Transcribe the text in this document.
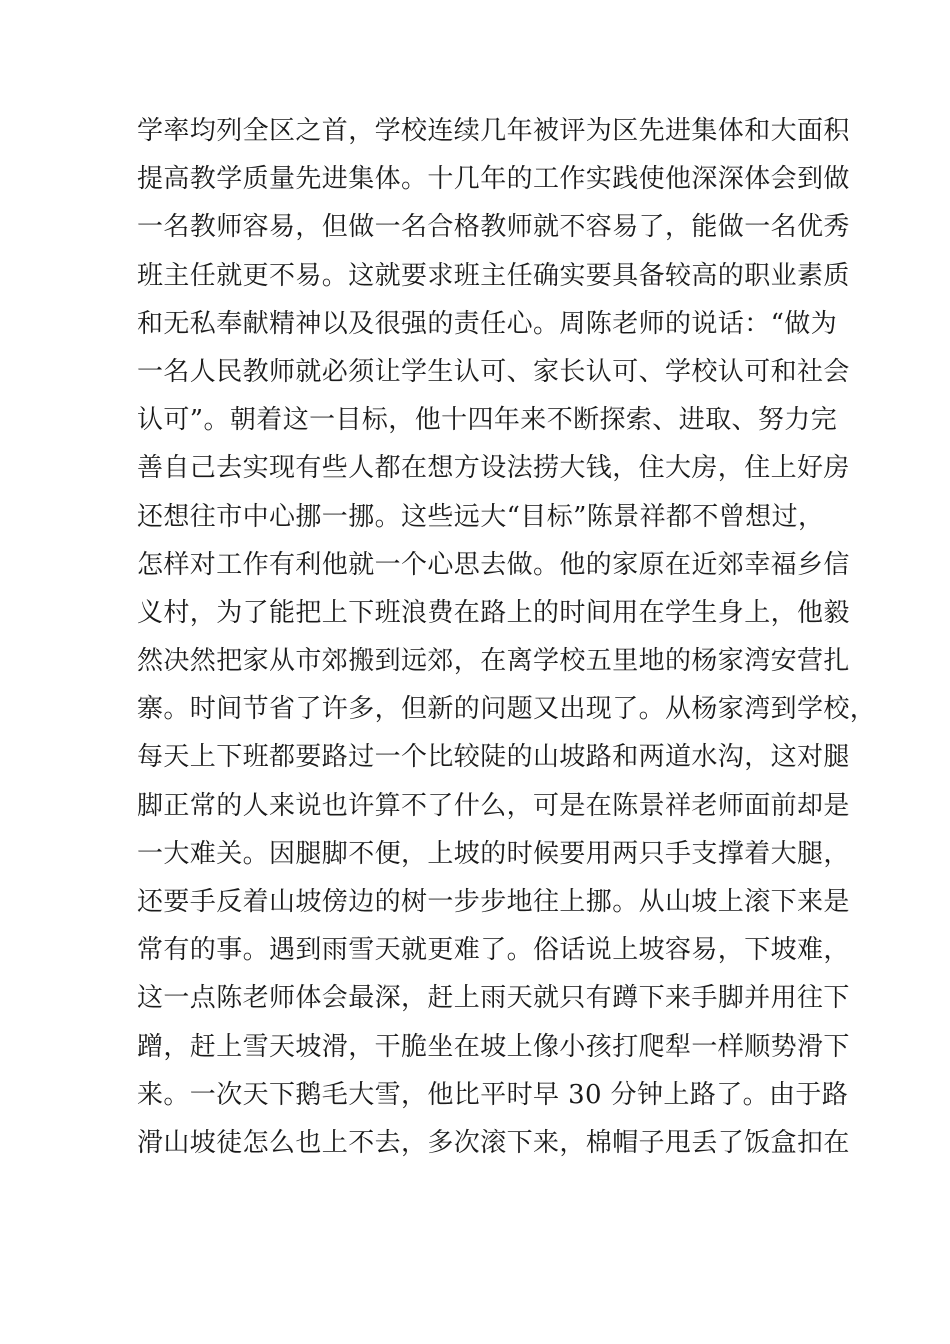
学率均列全区之首，学校连续几年被评为区先进集体和大面积
提高教学质量先进集体。十几年的工作实践使他深深体会到做
一名教师容易，但做一名合格教师就不容易了，能做一名优秀
班主任就更不易。这就要求班主任确实要具备较高的职业素质
和无私奉献精神以及很强的责任心。周陈老师的说话：“做为
一名人民教师就必须让学生认可、家长认可、学校认可和社会
认可”。朝着这一目标，他十四年来不断探索、进取、努力完
善自己去实现有些人都在想方设法捞大钱，住大房，住上好房
还想往市中心挪一挪。这些远大“目标”陈景祥都不曾想过，
怎样对工作有利他就一个心思去做。他的家原在近郊幸福乡信
义村，为了能把上下班浪费在路上的时间用在学生身上，他毅
然决然把家从市郊搬到远郊，在离学校五里地的杨家湾安营扎
寨。时间节省了许多，但新的问题又出现了。从杨家湾到学校，
每天上下班都要路过一个比较陡的山坡路和两道水沟，这对腿
脚正常的人来说也许算不了什么，可是在陈景祥老师面前却是
一大难关。因腿脚不便，上坡的时候要用两只手支撑着大腿，
还要手反着山坡傍边的树一步步地往上挪。从山坡上滚下来是
常有的事。遇到雨雪天就更难了。俗话说上坡容易，下坡难，
这一点陈老师体会最深，赶上雨天就只有蹲下来手脚并用往下
蹭，赶上雪天坡滑，干脆坐在坡上像小孩打爬犁一样顺势滑下
来。一次天下鹅毛大雪，他比平时早 30 分钟上路了。由于路
滑山坡徒怎么也上不去，多次滚下来，棉帽子甩丢了饭盒扣在
